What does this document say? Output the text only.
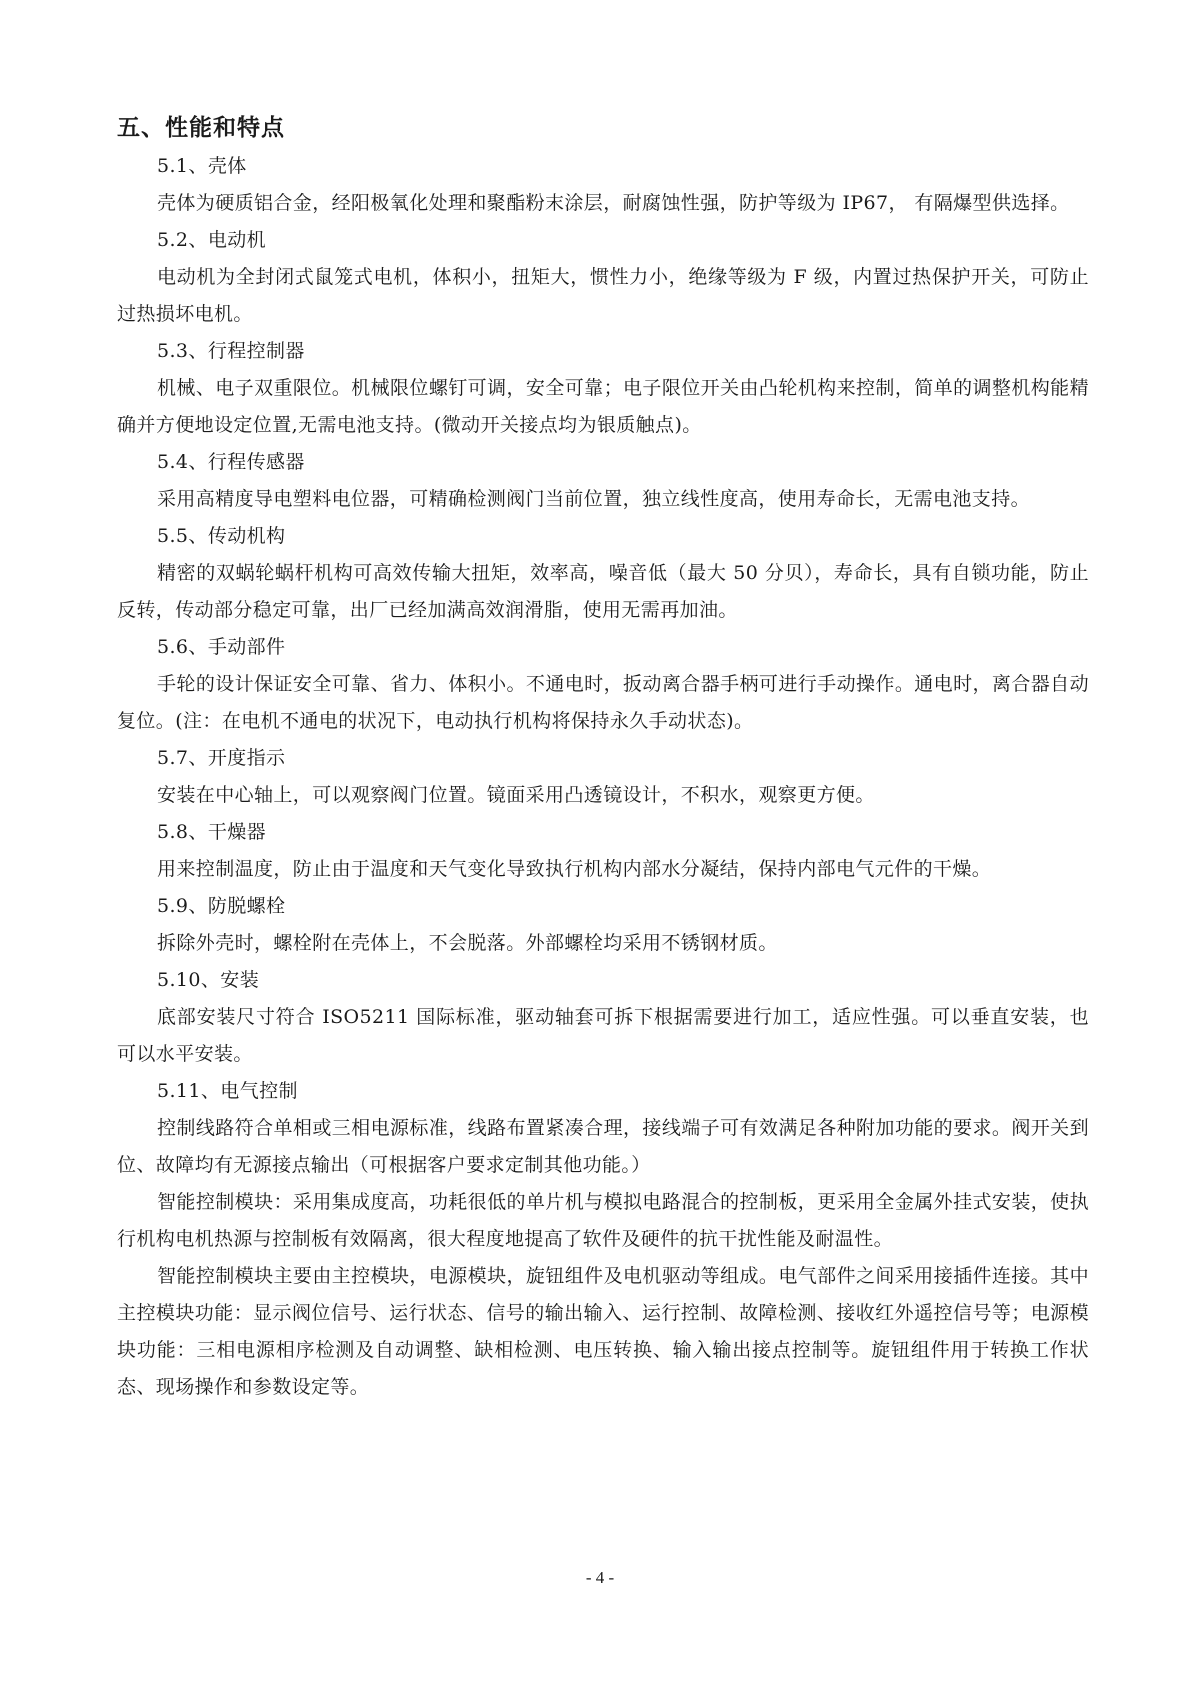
五、性能和特点
5.1、壳体

壳体为硬质铝合金，经阳极氧化处理和聚酯粉末涂层，耐腐蚀性强，防护等级为 IP67， 有隔爆型供选择。

5.2、电动机

电动机为全封闭式鼠笼式电机，体积小，扭矩大，惯性力小，绝缘等级为 F 级，内置过热保护开关，可防止过热损坏电机。

5.3、行程控制器

机械、电子双重限位。机械限位螺钉可调，安全可靠；电子限位开关由凸轮机构来控制，简单的调整机构能精确并方便地设定位置,无需电池支持。(微动开关接点均为银质触点)。

5.4、行程传感器

采用高精度导电塑料电位器，可精确检测阀门当前位置，独立线性度高，使用寿命长，无需电池支持。

5.5、传动机构

精密的双蜗轮蜗杆机构可高效传输大扭矩，效率高，噪音低（最大 50 分贝），寿命长，具有自锁功能，防止反转，传动部分稳定可靠，出厂已经加满高效润滑脂，使用无需再加油。

5.6、手动部件

手轮的设计保证安全可靠、省力、体积小。不通电时，扳动离合器手柄可进行手动操作。通电时，离合器自动复位。(注：在电机不通电的状况下，电动执行机构将保持永久手动状态)。

5.7、开度指示

安装在中心轴上，可以观察阀门位置。镜面采用凸透镜设计，不积水，观察更方便。

5.8、干燥器

用来控制温度，防止由于温度和天气变化导致执行机构内部水分凝结，保持内部电气元件的干燥。

5.9、防脱螺栓

拆除外壳时，螺栓附在壳体上，不会脱落。外部螺栓均采用不锈钢材质。

5.10、安装

底部安装尺寸符合 ISO5211 国际标准，驱动轴套可拆下根据需要进行加工，适应性强。可以垂直安装，也可以水平安装。

5.11、电气控制

控制线路符合单相或三相电源标准，线路布置紧凑合理，接线端子可有效满足各种附加功能的要求。阀开关到位、故障均有无源接点输出（可根据客户要求定制其他功能。）

智能控制模块：采用集成度高，功耗很低的单片机与模拟电路混合的控制板，更采用全金属外挂式安装，使执行机构电机热源与控制板有效隔离，很大程度地提高了软件及硬件的抗干扰性能及耐温性。

智能控制模块主要由主控模块，电源模块，旋钮组件及电机驱动等组成。电气部件之间采用接插件连接。其中主控模块功能：显示阀位信号、运行状态、信号的输出输入、运行控制、故障检测、接收红外遥控信号等；电源模块功能：三相电源相序检测及自动调整、缺相检测、电压转换、输入输出接点控制等。旋钮组件用于转换工作状态、现场操作和参数设定等。

- 4 -
